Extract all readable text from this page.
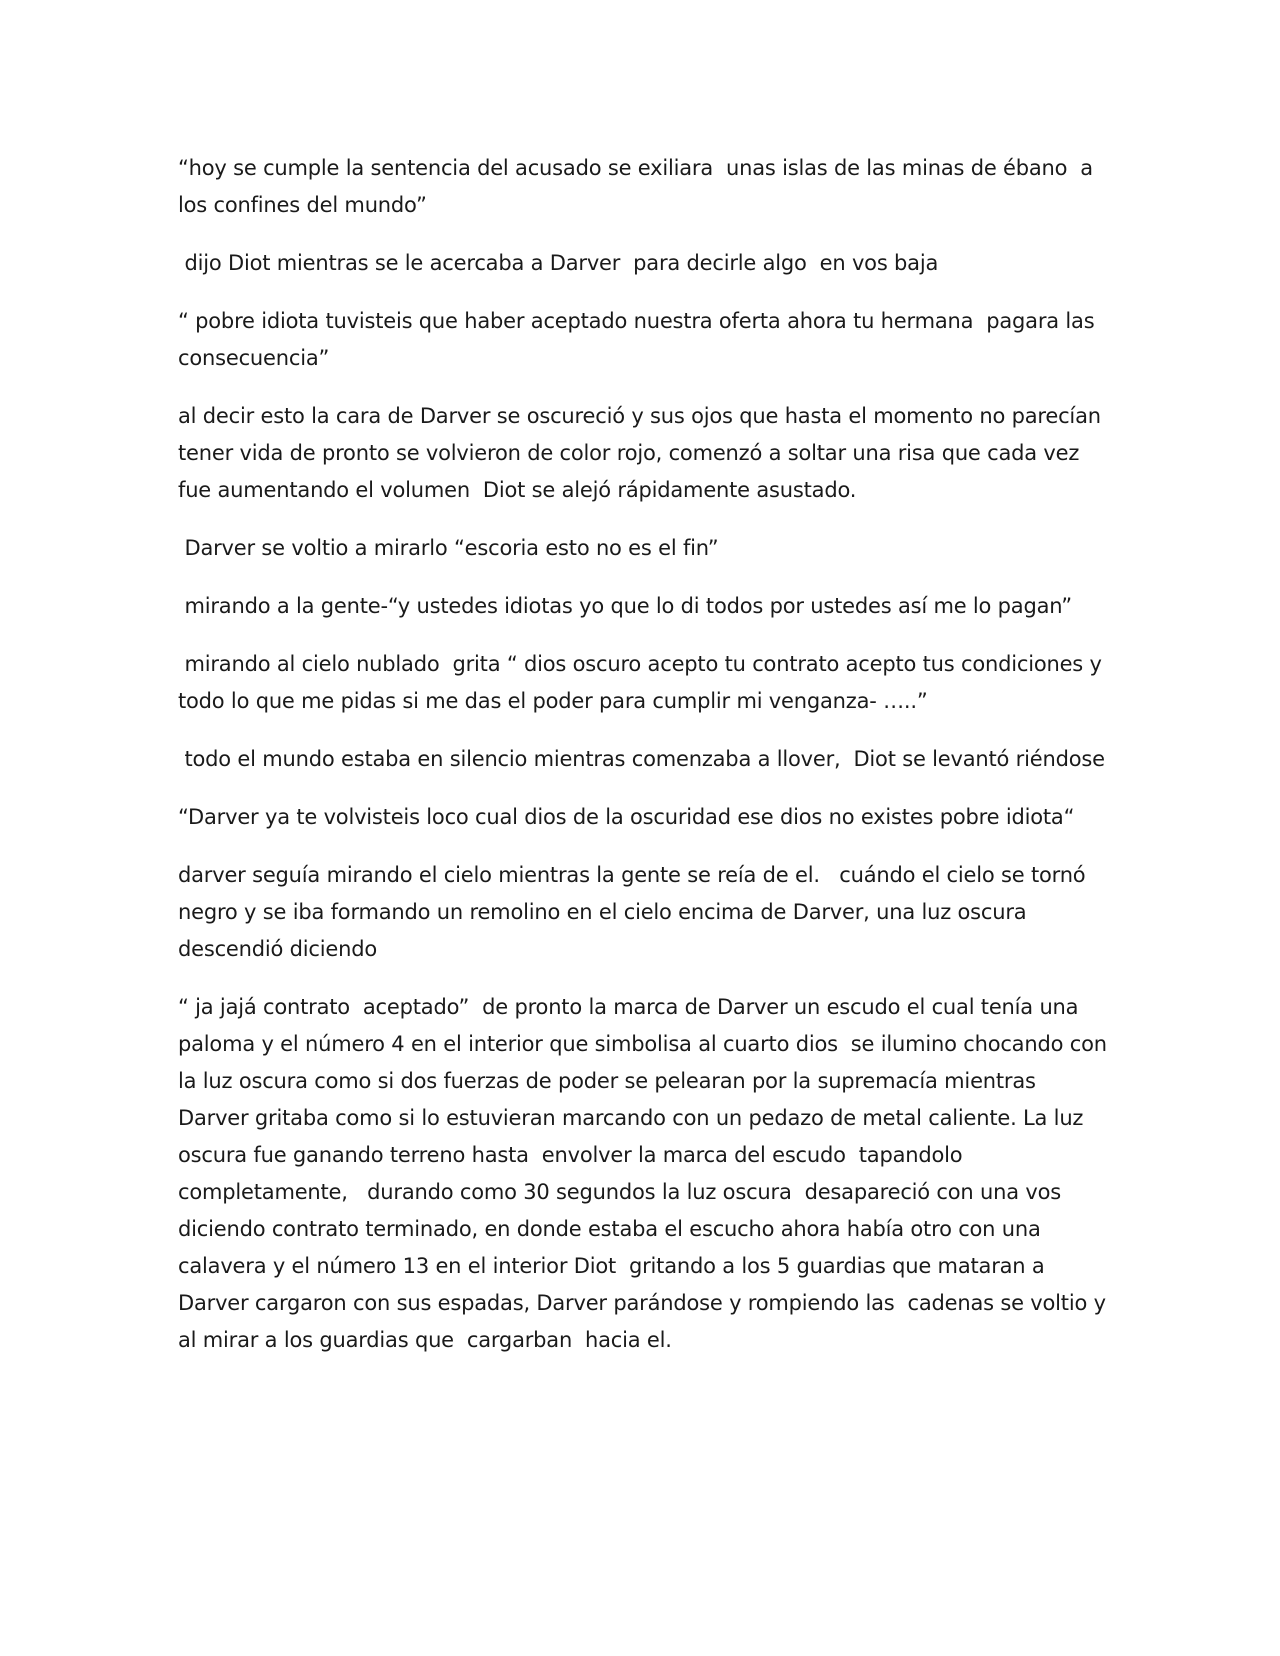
“hoy se cumple la sentencia del acusado se exiliara  unas islas de las minas de ébano  a los confines del mundo”

dijo Diot mientras se le acercaba a Darver  para decirle algo  en vos baja

“ pobre idiota tuvisteis que haber aceptado nuestra oferta ahora tu hermana  pagara las consecuencia”

al decir esto la cara de Darver se oscureció y sus ojos que hasta el momento no parecían tener vida de pronto se volvieron de color rojo, comenzó a soltar una risa que cada vez fue aumentando el volumen  Diot se alejó rápidamente asustado.

Darver se voltio a mirarlo “escoria esto no es el fin”

mirando a la gente-“y ustedes idiotas yo que lo di todos por ustedes así me lo pagan”

mirando al cielo nublado  grita “ dios oscuro acepto tu contrato acepto tus condiciones y todo lo que me pidas si me das el poder para cumplir mi venganza- …..”

todo el mundo estaba en silencio mientras comenzaba a llover,  Diot se levantó riéndose

“Darver ya te volvisteis loco cual dios de la oscuridad ese dios no existes pobre idiota“

darver seguía mirando el cielo mientras la gente se reía de el.   cuándo el cielo se tornó negro y se iba formando un remolino en el cielo encima de Darver, una luz oscura descendió diciendo

“ ja jajá contrato  aceptado”  de pronto la marca de Darver un escudo el cual tenía una paloma y el número 4 en el interior que simbolisa al cuarto dios  se ilumino chocando con la luz oscura como si dos fuerzas de poder se pelearan por la supremacía mientras Darver gritaba como si lo estuvieran marcando con un pedazo de metal caliente. La luz oscura fue ganando terreno hasta  envolver la marca del escudo  tapandolo completamente,   durando como 30 segundos la luz oscura  desapareció con una vos diciendo contrato terminado, en donde estaba el escucho ahora había otro con una calavera y el número 13 en el interior Diot  gritando a los 5 guardias que mataran a Darver cargaron con sus espadas, Darver parándose y rompiendo las  cadenas se voltio y al mirar a los guardias que  cargarban  hacia el.
